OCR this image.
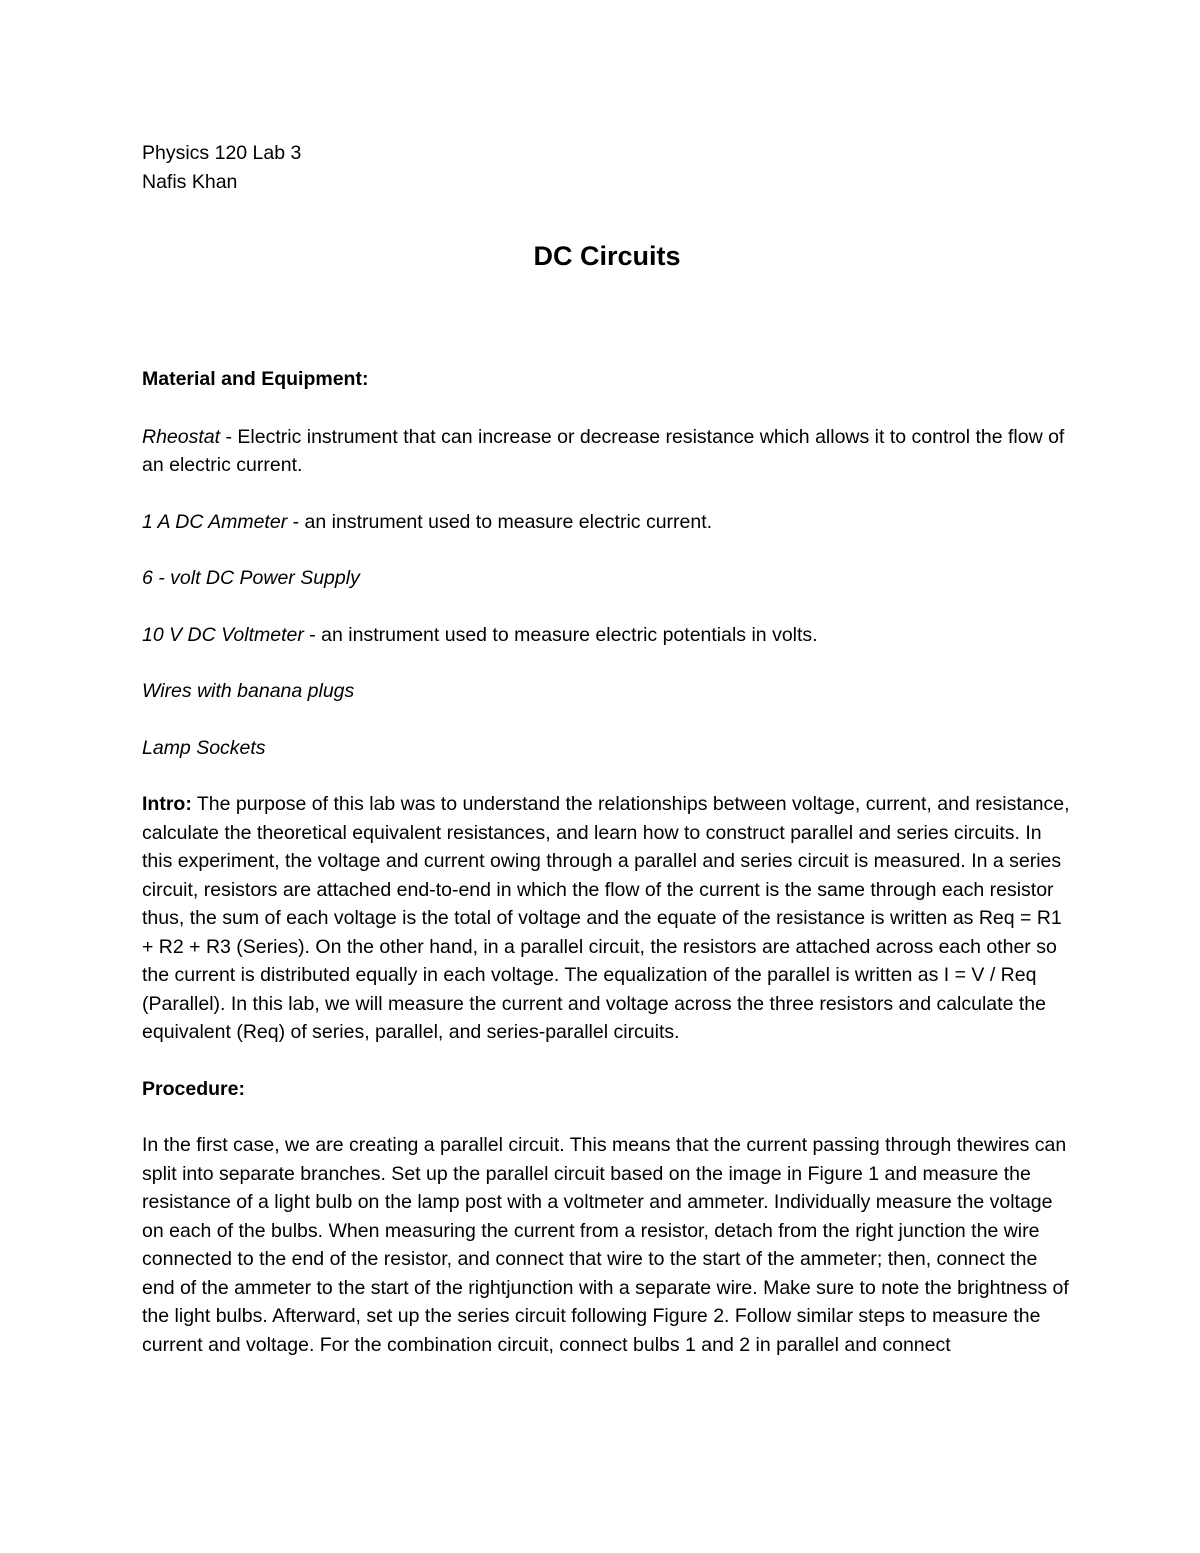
Physics 120 Lab 3

Nafis Khan

DC Circuits

Material and Equipment:

Rheostat - Electric instrument that can increase or decrease resistance which allows it to control the flow of an electric current.

1 A DC Ammeter - an instrument used to measure electric current.

6 - volt DC Power Supply

10 V DC Voltmeter - an instrument used to measure electric potentials in volts.

Wires with banana plugs

Lamp Sockets

Intro: The purpose of this lab was to understand the relationships between voltage, current, and resistance, calculate the theoretical equivalent resistances, and learn how to construct parallel and series circuits. In this experiment, the voltage and current owing through a parallel and series circuit is measured. In a series circuit, resistors are attached end-to-end in which the flow of the current is the same through each resistor thus, the sum of each voltage is the total of voltage and the equate of the resistance is written as Req = R1 + R2 + R3 (Series). On the other hand, in a parallel circuit, the resistors are attached across each other so the current is distributed equally in each voltage. The equalization of the parallel is written as I = V / Req (Parallel). In this lab, we will measure the current and voltage across the three resistors and calculate the equivalent (Req) of series, parallel, and series-parallel circuits.

Procedure:

In the first case, we are creating a parallel circuit. This means that the current passing through thewires can split into separate branches. Set up the parallel circuit based on the image in Figure 1 and measure the resistance of a light bulb on the lamp post with a voltmeter and ammeter. Individually measure the voltage on each of the bulbs. When measuring the current from a resistor, detach from the right junction the wire connected to the end of the resistor, and connect that wire to the start of the ammeter; then, connect the end of the ammeter to the start of the rightjunction with a separate wire. Make sure to note the brightness of the light bulbs. Afterward, set up the series circuit following Figure 2. Follow similar steps to measure the current and voltage. For the combination circuit, connect bulbs 1 and 2 in parallel and connect
